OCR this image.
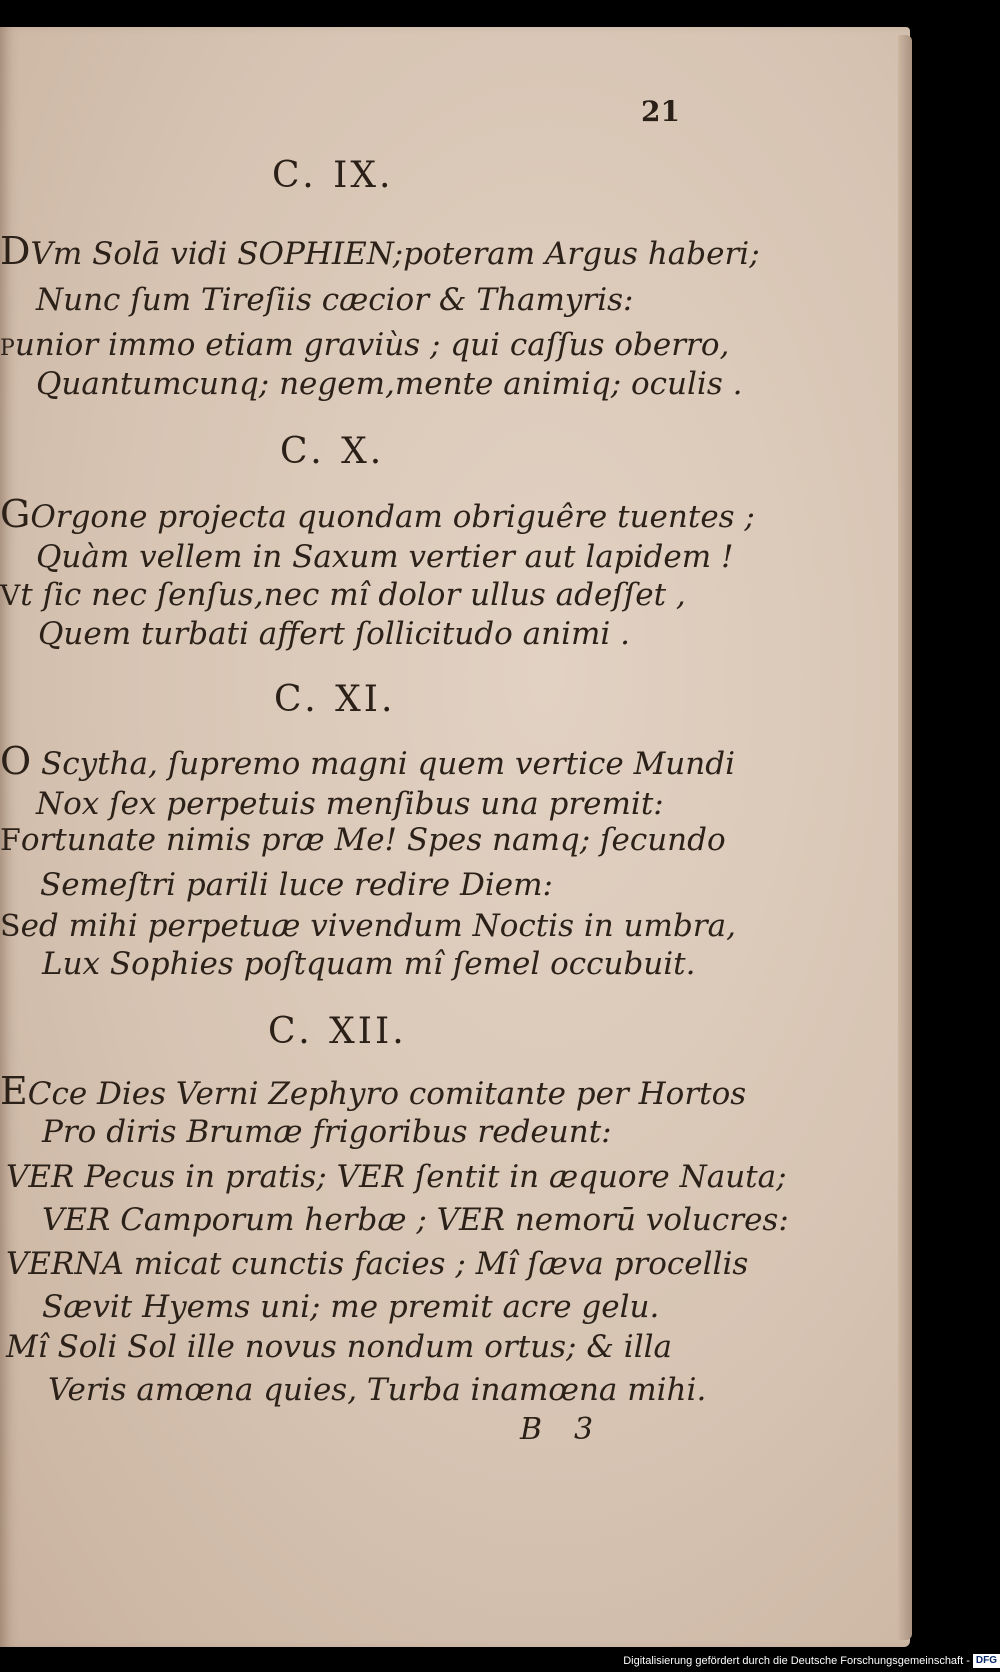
21
C. IX.
DVm Solā vidi SOPHIEN;poteram Argus haberi;
Nunc ſum Tireſiis cæcior & Thamyris:
Punior immo etiam graviùs ; qui caſſus oberro,
Quantumcunq; negem,mente animiq; oculis .
C. X.
GOrgone projecta quondam obriguêre tuentes ;
Quàm vellem in Saxum vertier aut lapidem !
Vt ſic nec ſenſus,nec mî dolor ullus adeſſet ,
Quem turbati affert ſollicitudo animi .
C. XI.
O Scytha, ſupremo magni quem vertice Mundi
Nox ſex perpetuis menſibus una premit:
Fortunate nimis præ Me! Spes namq; ſecundo
Semeſtri parili luce redire Diem:
Sed mihi perpetuæ vivendum Noctis in umbra,
Lux Sophies poſtquam mî ſemel occubuit.
C. XII.
ECce Dies Verni Zephyro comitante per Hortos
Pro diris Brumæ frigoribus redeunt:
VER Pecus in pratis; VER ſentit in æquore Nauta;
VER Camporum herbæ ; VER nemorū volucres:
VERNA micat cunctis facies ; Mî ſæva procellis
Sævit Hyems uni; me premit acre gelu.
Mî Soli Sol ille novus nondum ortus; & illa
Veris amœna quies, Turba inamœna mihi.
B 3
Digitalisierung gefördert durch die Deutsche Forschungsgemeinschaft - DFG
